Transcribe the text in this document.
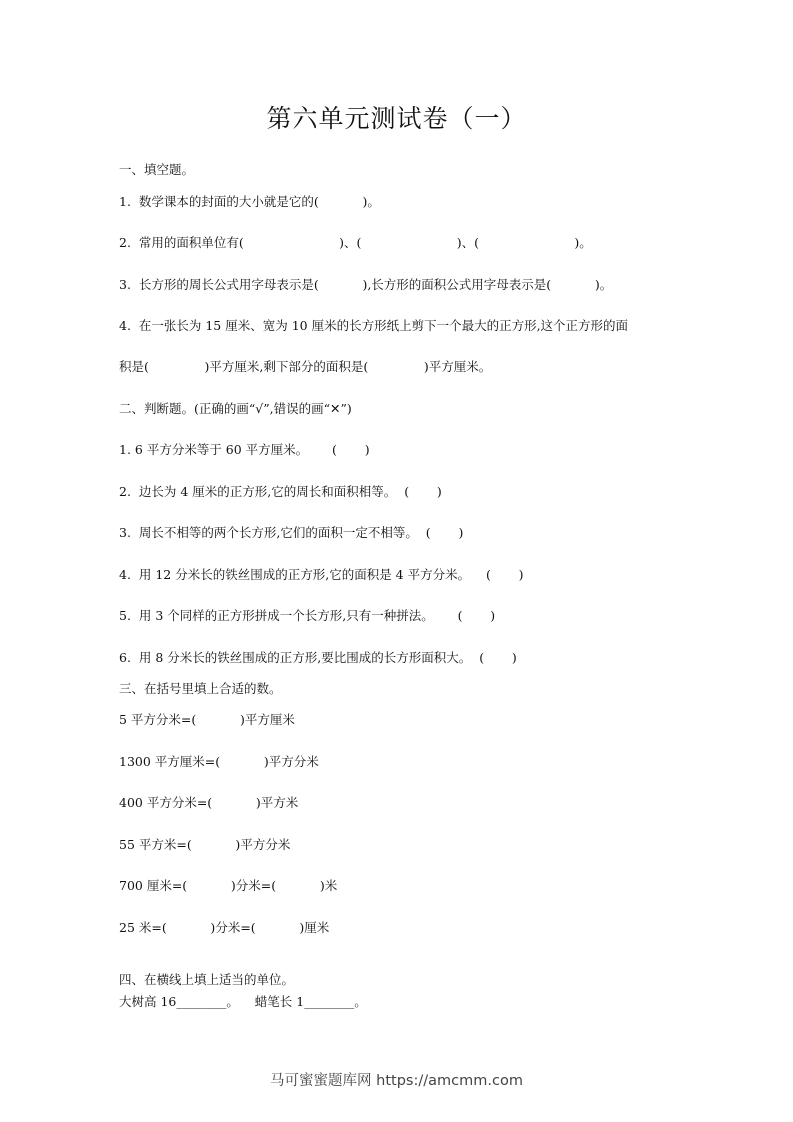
第六单元测试卷（一）
一、填空题。
1.  数学课本的封面的大小就是它的(           )。
2.  常用的面积单位有(                        )、(                        )、(                        )。
3.  长方形的周长公式用字母表示是(           ),长方形的面积公式用字母表示是(           )。
4.  在一张长为 15 厘米、宽为 10 厘米的长方形纸上剪下一个最大的正方形,这个正方形的面
积是(              )平方厘米,剩下部分的面积是(              )平方厘米。
二、判断题。(正确的画“√”,错误的画“✕”)
1. 6 平方分米等于 60 平方厘米。      (       )
2.  边长为 4 厘米的正方形,它的周长和面积相等。  (       )
3.  周长不相等的两个长方形,它们的面积一定不相等。  (       )
4.  用 12 分米长的铁丝围成的正方形,它的面积是 4 平方分米。    (       )
5.  用 3 个同样的正方形拼成一个长方形,只有一种拼法。      (       )
6.  用 8 分米长的铁丝围成的正方形,要比围成的长方形面积大。  (       )
三、在括号里填上合适的数。
5 平方分米=(           )平方厘米
1300 平方厘米=(           )平方分米
400 平方分米=(           )平方米
55 平方米=(           )平方分米
700 厘米=(           )分米=(           )米
25 米=(           )分米=(           )厘米
四、在横线上填上适当的单位。
大树高 16________。    蜡笔长 1________。
马可蜜蜜题库网 https://amcmm.com
